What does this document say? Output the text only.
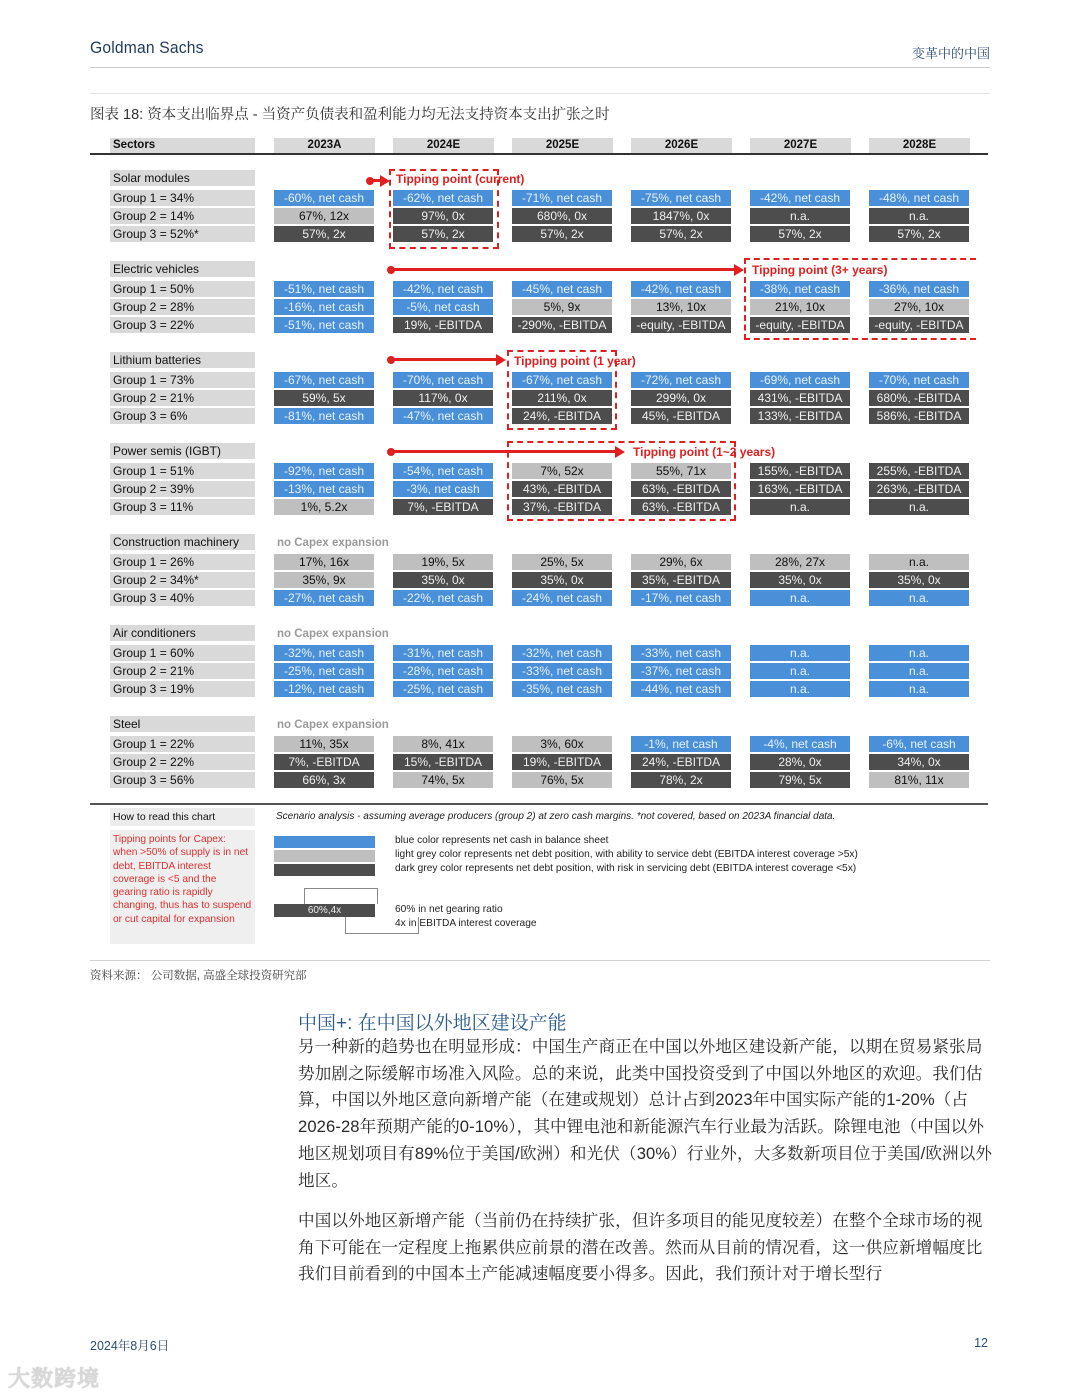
Goldman Sachs	变革中的中国
图表 18: 资本支出临界点 - 当资产负债表和盈利能力均无法支持资本支出扩张之时
How to read this chart	Scenario analysis - assuming average producers (group 2) at zero cash margins. *not covered, based on 2023A financial data.
Tipping points for Capex: when >50% of supply is in net debt, EBITDA interest coverage is <5 and the gearing ratio is rapidly changing, thus has to suspend or cut capital for expansion
blue color represents net cash in balance sheet
light grey color represents net debt position, with ability to service debt (EBITDA interest coverage >5x)
dark grey color represents net debt position, with risk in servicing debt (EBITDA interest coverage <5x)
60%,4x	60% in net gearing ratio
4x in EBITDA interest coverage
Sectors	2023A	2024E	2025E	2026E	2027E	2028E
Solar modules
Group 1 = 34%	-60%, net cash	-62%, net cash	-71%, net cash	-75%, net cash	-42%, net cash	-48%, net cash
Group 2 = 14%	67%, 12x	97%, 0x	680%, 0x	1847%, 0x	n.a.	n.a.
Group 3 = 52%*	57%, 2x	57%, 2x	57%, 2x	57%, 2x	57%, 2x	57%, 2x
Electric vehicles
Group 1 = 50%	-51%, net cash	-42%, net cash	-45%, net cash	-42%, net cash	-38%, net cash	-36%, net cash
Group 2 = 28%	-16%, net cash	-5%, net cash	5%, 9x	13%, 10x	21%, 10x	27%, 10x
Group 3 = 22%	-51%, net cash	19%, -EBITDA	-290%, -EBITDA	-equity, -EBITDA	-equity, -EBITDA	-equity, -EBITDA
Lithium batteries
Group 1 = 73%	-67%, net cash	-70%, net cash	-67%, net cash	-72%, net cash	-69%, net cash	-70%, net cash
Group 2 = 21%	59%, 5x	117%, 0x	211%, 0x	299%, 0x	431%, -EBITDA	680%, -EBITDA
Group 3 = 6%	-81%, net cash	-47%, net cash	24%, -EBITDA	45%, -EBITDA	133%, -EBITDA	586%, -EBITDA
Power semis (IGBT)
Group 1 = 51%	-92%, net cash	-54%, net cash	7%, 52x	55%, 71x	155%, -EBITDA	255%, -EBITDA
Group 2 = 39%	-13%, net cash	-3%, net cash	43%, -EBITDA	63%, -EBITDA	163%, -EBITDA	263%, -EBITDA
Group 3 = 11%	1%, 5.2x	7%, -EBITDA	37%, -EBITDA	63%, -EBITDA	n.a.	n.a.
Construction machinery	no Capex expansion
Group 1 = 26%	17%, 16x	19%, 5x	25%, 5x	29%, 6x	28%, 27x	n.a.
Group 2 = 34%*	35%, 9x	35%, 0x	35%, 0x	35%, -EBITDA	35%, 0x	35%, 0x
Group 3 = 40%	-27%, net cash	-22%, net cash	-24%, net cash	-17%, net cash	n.a.	n.a.
Air conditioners	no Capex expansion
Group 1 = 60%	-32%, net cash	-31%, net cash	-32%, net cash	-33%, net cash	n.a.	n.a.
Group 2 = 21%	-25%, net cash	-28%, net cash	-33%, net cash	-37%, net cash	n.a.	n.a.
Group 3 = 19%	-12%, net cash	-25%, net cash	-35%, net cash	-44%, net cash	n.a.	n.a.
Steel	no Capex expansion
Group 1 = 22%	11%, 35x	8%, 41x	3%, 60x	-1%, net cash	-4%, net cash	-6%, net cash
Group 2 = 22%	7%, -EBITDA	15%, -EBITDA	19%, -EBITDA	24%, -EBITDA	28%, 0x	34%, 0x
Group 3 = 56%	66%, 3x	74%, 5x	76%, 5x	78%, 2x	79%, 5x	81%, 11x
Tipping point (current)
Tipping point (3+ years)
Tipping point (1 year)
Tipping point (1~2 years)
资料来源： 公司数据, 高盛全球投资研究部
中国+: 在中国以外地区建设产能
另一种新的趋势也在明显形成：中国生产商正在中国以外地区建设新产能，以期在贸易紧张局势加剧之际缓解市场准入风险。总的来说，此类中国投资受到了中国以外地区的欢迎。我们估算，中国以外地区意向新增产能（在建或规划）总计占到2023年中国实际产能的1-20%（占2026-28年预期产能的0-10%），其中锂电池和新能源汽车行业最为活跃。除锂电池（中国以外地区规划项目有89%位于美国/欧洲）和光伏（30%）行业外，大多数新项目位于美国/欧洲以外地区。
中国以外地区新增产能（当前仍在持续扩张，但许多项目的能见度较差）在整个全球市场的视角下可能在一定程度上拖累供应前景的潜在改善。然而从目前的情况看，这一供应新增幅度比我们目前看到的中国本土产能减速幅度要小得多。因此，我们预计对于增长型行
2024年8月6日	12
大数跨境
